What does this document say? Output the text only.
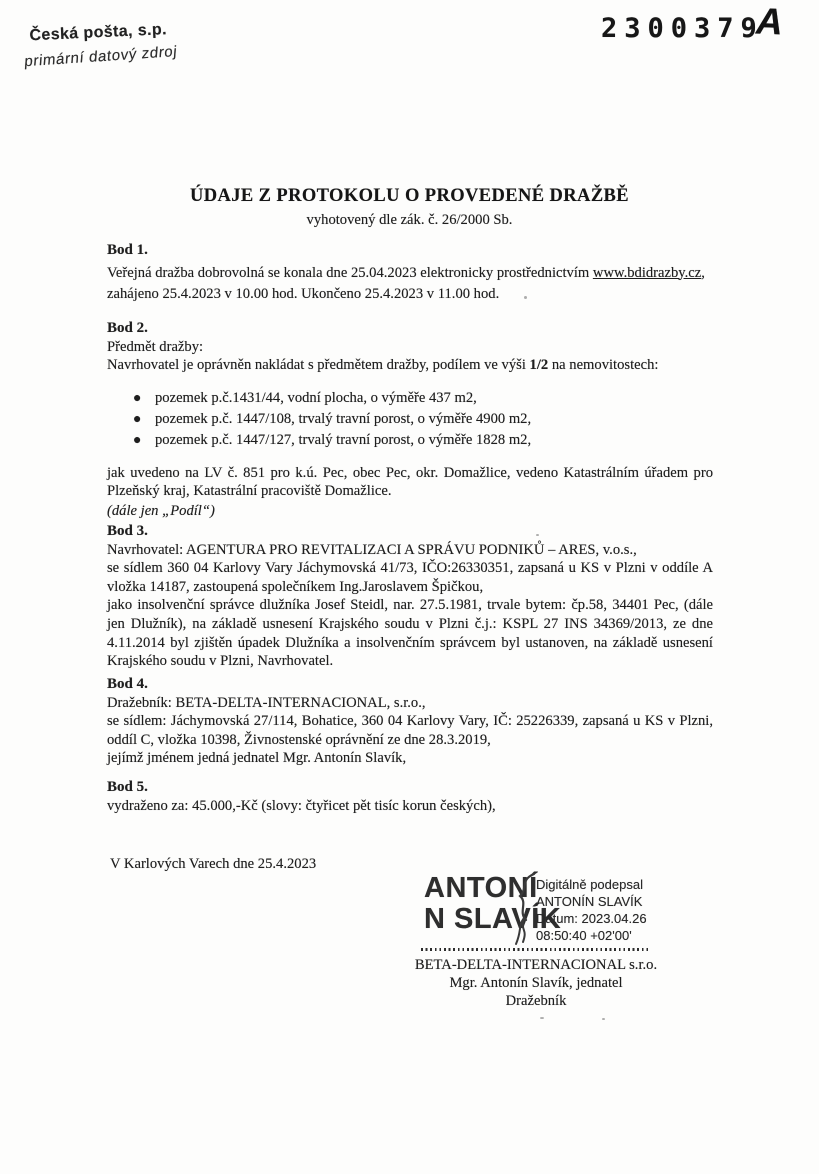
Česká pošta, s.p.
primární datový zdroj
2300379
A
ÚDAJE Z PROTOKOLU O PROVEDENÉ DRAŽBĚ
vyhotovený dle zák. č. 26/2000 Sb.
Bod 1.
Veřejná dražba dobrovolná se konala dne 25.04.2023 elektronicky prostřednictvím www.bdidrazby.cz,
zahájeno 25.4.2023 v 10.00 hod. Ukončeno 25.4.2023 v 11.00 hod.
Bod 2.
Předmět dražby:
Navrhovatel je oprávněn nakládat s předmětem dražby, podílem ve výši 1/2 na nemovitostech:
● pozemek p.č.1431/44, vodní plocha, o výměře 437 m2,
● pozemek p.č. 1447/108, trvalý travní porost, o výměře 4900 m2,
● pozemek p.č. 1447/127, trvalý travní porost, o výměře 1828 m2,
jak uvedeno na LV č. 851 pro k.ú. Pec, obec Pec, okr. Domažlice, vedeno Katastrálním úřadem pro Plzeňský kraj, Katastrální pracoviště Domažlice.
(dále jen „Podíl“)
Bod 3.
Navrhovatel: AGENTURA PRO REVITALIZACI A SPRÁVU PODNIKŮ – ARES, v.o.s.,
se sídlem 360 04 Karlovy Vary Jáchymovská 41/73, IČO:26330351, zapsaná u KS v Plzni v oddíle A vložka 14187, zastoupená společníkem Ing.Jaroslavem Špičkou,
jako insolvenční správce dlužníka Josef Steidl, nar. 27.5.1981, trvale bytem: čp.58, 34401 Pec, (dále jen Dlužník), na základě usnesení Krajského soudu v Plzni č.j.: KSPL 27 INS 34369/2013, ze dne 4.11.2014 byl zjištěn úpadek Dlužníka a insolvenčním správcem byl ustanoven, na základě usnesení Krajského soudu v Plzni, Navrhovatel.
Bod 4.
Dražebník: BETA-DELTA-INTERNACIONAL, s.r.o.,
se sídlem: Jáchymovská 27/114, Bohatice, 360 04 Karlovy Vary, IČ: 25226339, zapsaná u KS v Plzni, oddíl C, vložka 10398, Živnostenské oprávnění ze dne 28.3.2019,
jejímž jménem jedná jednatel Mgr. Antonín Slavík,
Bod 5.
vydraženo za: 45.000,-Kč (slovy: čtyřicet pět tisíc korun českých),
V Karlových Varech dne 25.4.2023
ANTONÍ
N SLAVÍK
Digitálně podepsal
ANTONÍN SLAVÍK
Datum: 2023.04.26
08:50:40 +02'00'
BETA-DELTA-INTERNACIONAL s.r.o.
Mgr. Antonín Slavík, jednatel
Dražebník
